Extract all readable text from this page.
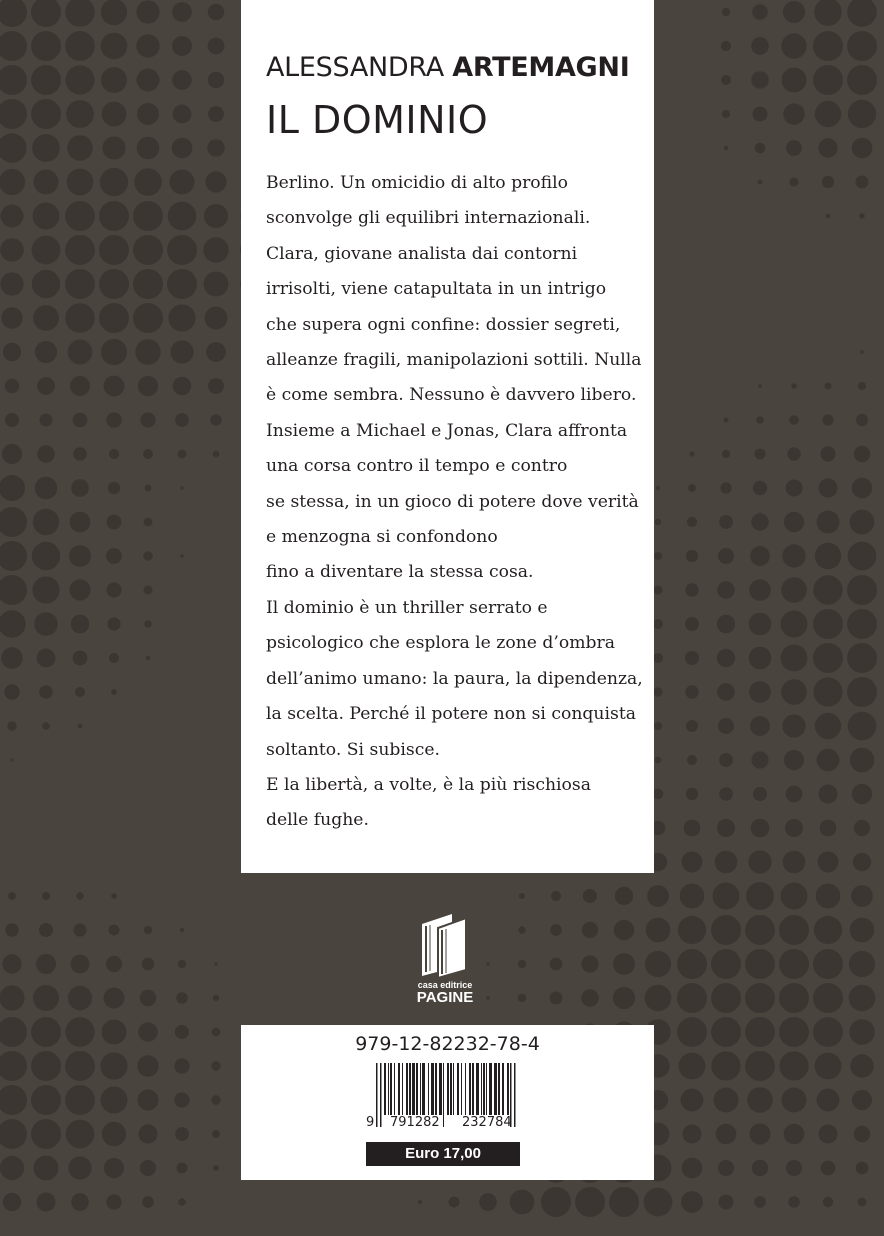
ALESSANDRA ARTEMAGNI
IL DOMINIO
Berlino. Un omicidio di alto profilo
sconvolge gli equilibri internazionali.
Clara, giovane analista dai contorni
irrisolti, viene catapultata in un intrigo
che supera ogni confine: dossier segreti,
alleanze fragili, manipolazioni sottili. Nulla
è come sembra. Nessuno è davvero libero.
Insieme a Michael e Jonas, Clara affronta
una corsa contro il tempo e contro
se stessa, in un gioco di potere dove verità
e menzogna si confondono
fino a diventare la stessa cosa.
Il dominio è un thriller serrato e
psicologico che esplora le zone d’ombra
dell’animo umano: la paura, la dipendenza,
la scelta. Perché il potere non si conquista
soltanto. Si subisce.
E la libertà, a volte, è la più rischiosa
delle fughe.
casa editrice
PAGINE
979-12-82232-78-4
9 791282 232784
Euro 17,00
